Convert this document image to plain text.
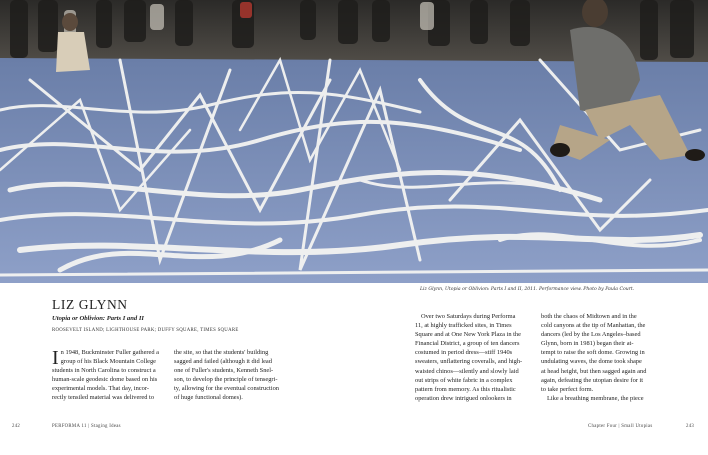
Liz Glynn, Utopia or Oblivion: Parts I and II, 2011. Performance view. Photo by Paula Court.
LIZ GLYNN
Utopia or Oblivion: Parts I and II
ROOSEVELT ISLAND; LIGHTHOUSE PARK; DUFFY SQUARE, TIMES SQUARE

I n 1948, Buckminster Fuller gathered a
group of his Black Mountain College
students in North Carolina to construct a
human-scale geodesic dome based on his
experimental models. That day, incor-
rectly tensiled material was delivered to

the site, so that the students' building
sagged and failed (although it did lead
one of Fuller's students, Kenneth Snel-
son, to develop the principle of tensegri-
ty, allowing for the eventual construction
of huge functional domes).

Over two Saturdays during Performa
11, at highly trafficked sites, in Times
Square and at One New York Plaza in the
Financial District, a group of ten dancers
costumed in period dress—stiff 1940s
sweaters, unflattering coveralls, and high-
waisted chinos—silently and slowly laid
out strips of white fabric in a complex
pattern from memory. As this ritualistic
operation drew intrigued onlookers in

both the chaos of Midtown and in the
cold canyons at the tip of Manhattan, the
dancers (led by the Los Angeles–based
Glynn, born in 1981) began their at-
tempt to raise the soft dome. Growing in
undulating waves, the dome took shape
at head height, but then sagged again and
again, defeating the utopian desire for it
to take perfect form.
Like a breathing membrane, the piece

242	PERFORMA 11 | Staging Ideas	Chapter Four | Small Utopias	243
